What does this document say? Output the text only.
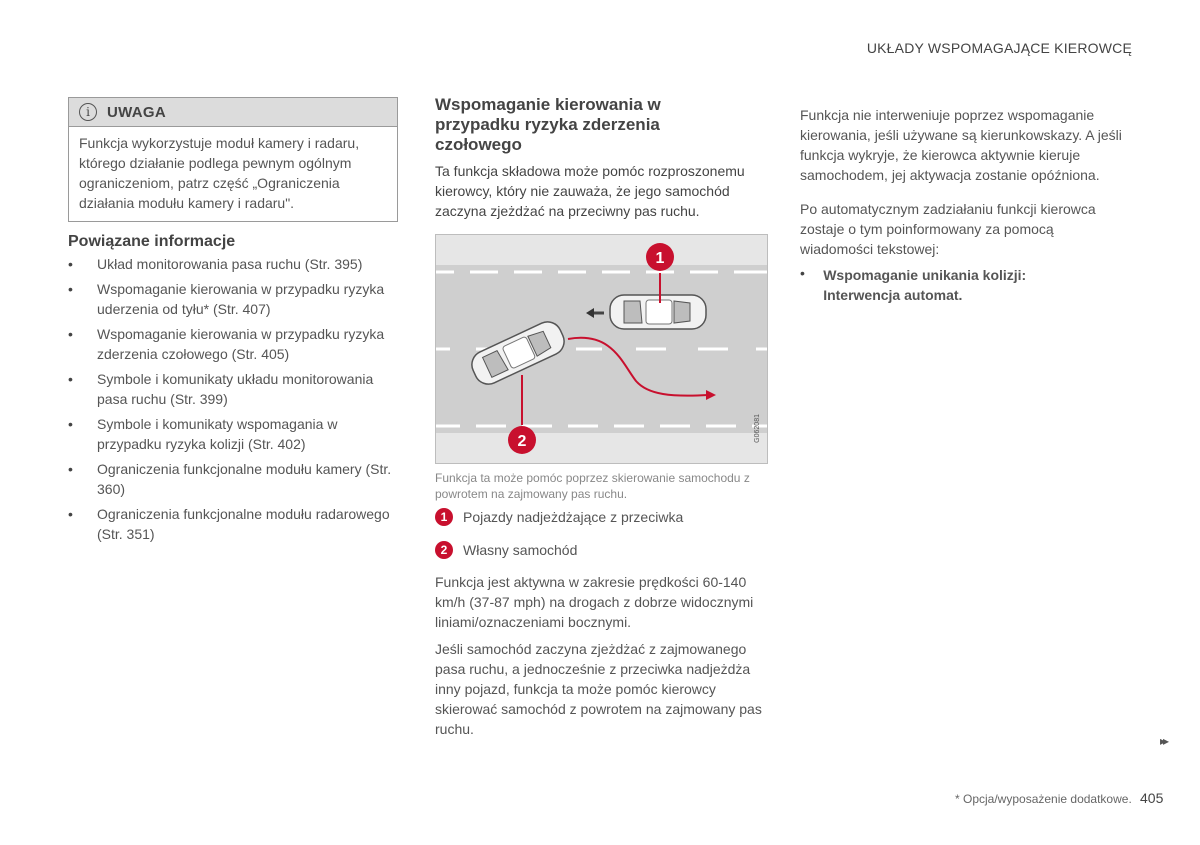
UKŁADY WSPOMAGAJĄCE KIEROWCĘ
i	UWAGA
Funkcja wykorzystuje moduł kamery i radaru, którego działanie podlega pewnym ogólnym ograniczeniom, patrz część „Ograniczenia działania modułu kamery i radaru".
Powiązane informacje
• Układ monitorowania pasa ruchu (Str. 395)
• Wspomaganie kierowania w przypadku ryzyka uderzenia od tyłu* (Str. 407)
• Wspomaganie kierowania w przypadku ryzyka zderzenia czołowego (Str. 405)
• Symbole i komunikaty układu monitorowania pasa ruchu (Str. 399)
• Symbole i komunikaty wspomagania w przypadku ryzyka kolizji (Str. 402)
• Ograniczenia funkcjonalne modułu kamery (Str. 360)
• Ograniczenia funkcjonalne modułu radarowego (Str. 351)
Wspomaganie kierowania w przypadku ryzyka zderzenia czołowego
Ta funkcja składowa może pomóc rozproszonemu kierowcy, który nie zauważa, że jego samochód zaczyna zjeżdżać na przeciwny pas ruchu.
1
2	G062081
Funkcja ta może pomóc poprzez skierowanie samochodu z powrotem na zajmowany pas ruchu.
1	Pojazdy nadjeżdżające z przeciwka
2	Własny samochód
Funkcja jest aktywna w zakresie prędkości 60-140 km/h (37-87 mph) na drogach z dobrze widocznymi liniami/oznaczeniami bocznymi.
Jeśli samochód zaczyna zjeżdżać z zajmowanego pasa ruchu, a jednocześnie z przeciwka nadjeżdża inny pojazd, funkcja ta może pomóc kierowcy skierować samochód z powrotem na zajmowany pas ruchu.
Funkcja nie interweniuje poprzez wspomaganie kierowania, jeśli używane są kierunkowskazy. A jeśli funkcja wykryje, że kierowca aktywnie kieruje samochodem, jej aktywacja zostanie opóźniona.
Po automatycznym zadziałaniu funkcji kierowca zostaje o tym poinformowany za pomocą wiadomości tekstowej:
•	Wspomaganie unikania kolizji: Interwencja automat.
▸▸
* Opcja/wyposażenie dodatkowe. 405
